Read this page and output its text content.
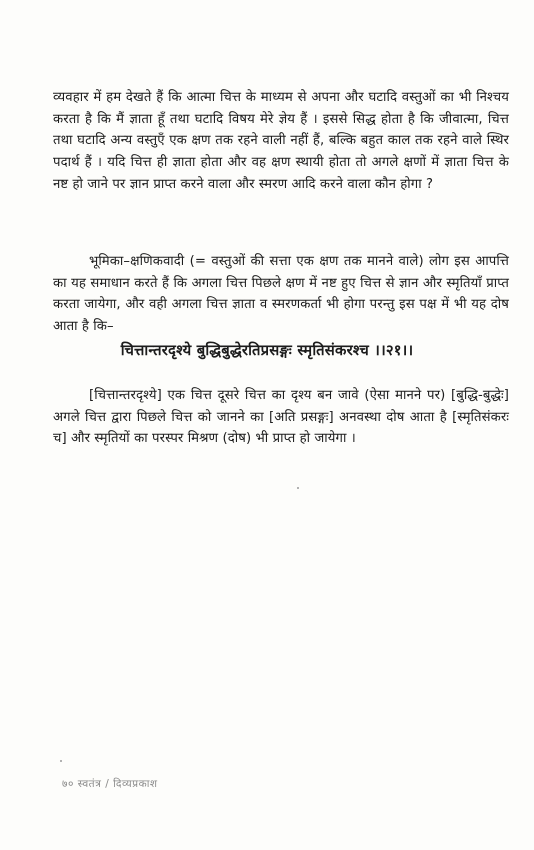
व्यवहार में हम देखते हैं कि आत्मा चित्त के माध्यम से अपना और घटादि वस्तुओं का भी निश्चय करता है कि मैं ज्ञाता हूँ तथा घटादि विषय मेरे ज्ञेय हैं । इससे सिद्ध होता है कि जीवात्मा, चित्त तथा घटादि अन्य वस्तुएँ एक क्षण तक रहने वाली नहीं हैं, बल्कि बहुत काल तक रहने वाले स्थिर पदार्थ हैं । यदि चित्त ही ज्ञाता होता और वह क्षण स्थायी होता तो अगले क्षणों में ज्ञाता चित्त के नष्ट हो जाने पर ज्ञान प्राप्त करने वाला और स्मरण आदि करने वाला कौन होगा ?

भूमिका–क्षणिकवादी (= वस्तुओं की सत्ता एक क्षण तक मानने वाले) लोग इस आपत्ति का यह समाधान करते हैं कि अगला चित्त पिछले क्षण में नष्ट हुए चित्त से ज्ञान और स्मृतियाँ प्राप्त करता जायेगा, और वही अगला चित्त ज्ञाता व स्मरणकर्ता भी होगा परन्तु इस पक्ष में भी यह दोष आता है कि–

चित्तान्तरदृश्ये बुद्धिबुद्धेरतिप्रसङ्गः स्मृतिसंकरश्च ।।२१।।

[चित्तान्तरदृश्ये] एक चित्त दूसरे चित्त का दृश्य बन जावे (ऐसा मानने पर) [बुद्धि-बुद्धेः] अगले चित्त द्वारा पिछले चित्त को जानने का [अति प्रसङ्गः] अनवस्था दोष आता है [स्मृतिसंकरः च] और स्मृतियों का परस्पर मिश्रण (दोष) भी प्राप्त हो जायेगा ।

७० स्वतंत्र / दिव्यप्रकाश
